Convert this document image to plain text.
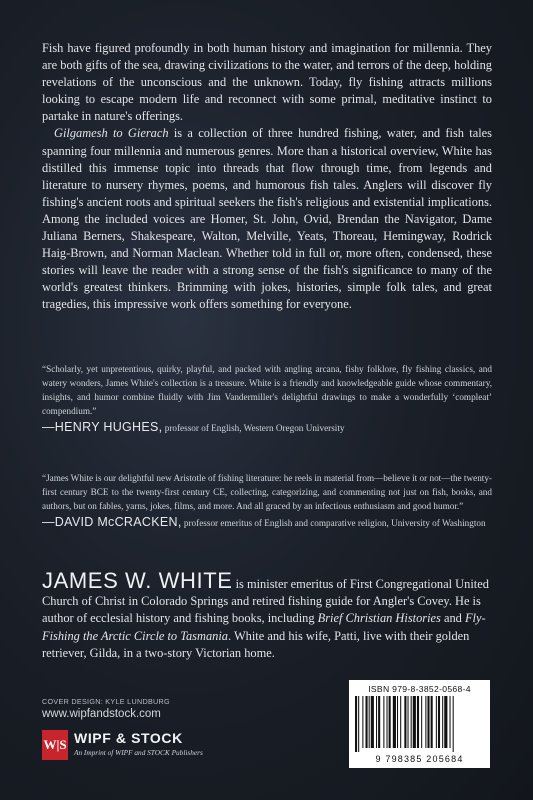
Fish have figured profoundly in both human history and imagination for millennia. They are both gifts of the sea, drawing civilizations to the water, and terrors of the deep, holding revelations of the unconscious and the unknown. Today, fly fishing attracts millions looking to escape modern life and reconnect with some primal, meditative instinct to partake in nature's offerings.

Gilgamesh to Gierach is a collection of three hundred fishing, water, and fish tales spanning four millennia and numerous genres. More than a historical overview, White has distilled this immense topic into threads that flow through time, from legends and literature to nursery rhymes, poems, and humorous fish tales. Anglers will discover fly fishing's ancient roots and spiritual seekers the fish's religious and existential implications. Among the included voices are Homer, St. John, Ovid, Brendan the Navigator, Dame Juliana Berners, Shakespeare, Walton, Melville, Yeats, Thoreau, Hemingway, Rodrick Haig-Brown, and Norman Maclean. Whether told in full or, more often, condensed, these stories will leave the reader with a strong sense of the fish's significance to many of the world's greatest thinkers. Brimming with jokes, histories, simple folk tales, and great tragedies, this impressive work offers something for everyone.

“Scholarly, yet unpretentious, quirky, playful, and packed with angling arcana, fishy folklore, fly fishing classics, and watery wonders, James White's collection is a treasure. White is a friendly and knowledgeable guide whose commentary, insights, and humor combine fluidly with Jim Vandermiller's delightful drawings to make a wonderfully ‘compleat’ compendium.”

—HENRY HUGHES, professor of English, Western Oregon University

“James White is our delightful new Aristotle of fishing literature: he reels in material from—believe it or not—the twenty-first century BCE to the twenty-first century CE, collecting, categorizing, and commenting not just on fish, books, and authors, but on fables, yarns, jokes, films, and more. And all graced by an infectious enthusiasm and good humor.”

—DAVID McCRACKEN, professor emeritus of English and comparative religion, University of Washington
JAMES W. WHITE is minister emeritus of First Congregational United Church of Christ in Colorado Springs and retired fishing guide for Angler's Covey. He is author of ecclesial history and fishing books, including Brief Christian Histories and Fly-Fishing the Arctic Circle to Tasmania. White and his wife, Patti, live with their golden retriever, Gilda, in a two-story Victorian home.
COVER DESIGN: KYLE LUNDBURG
www.wipfandstock.com
W|S WIPF & STOCK
An Imprint of WIPF and STOCK Publishers
ISBN 979-8-3852-0568-4
9 798385 205684
